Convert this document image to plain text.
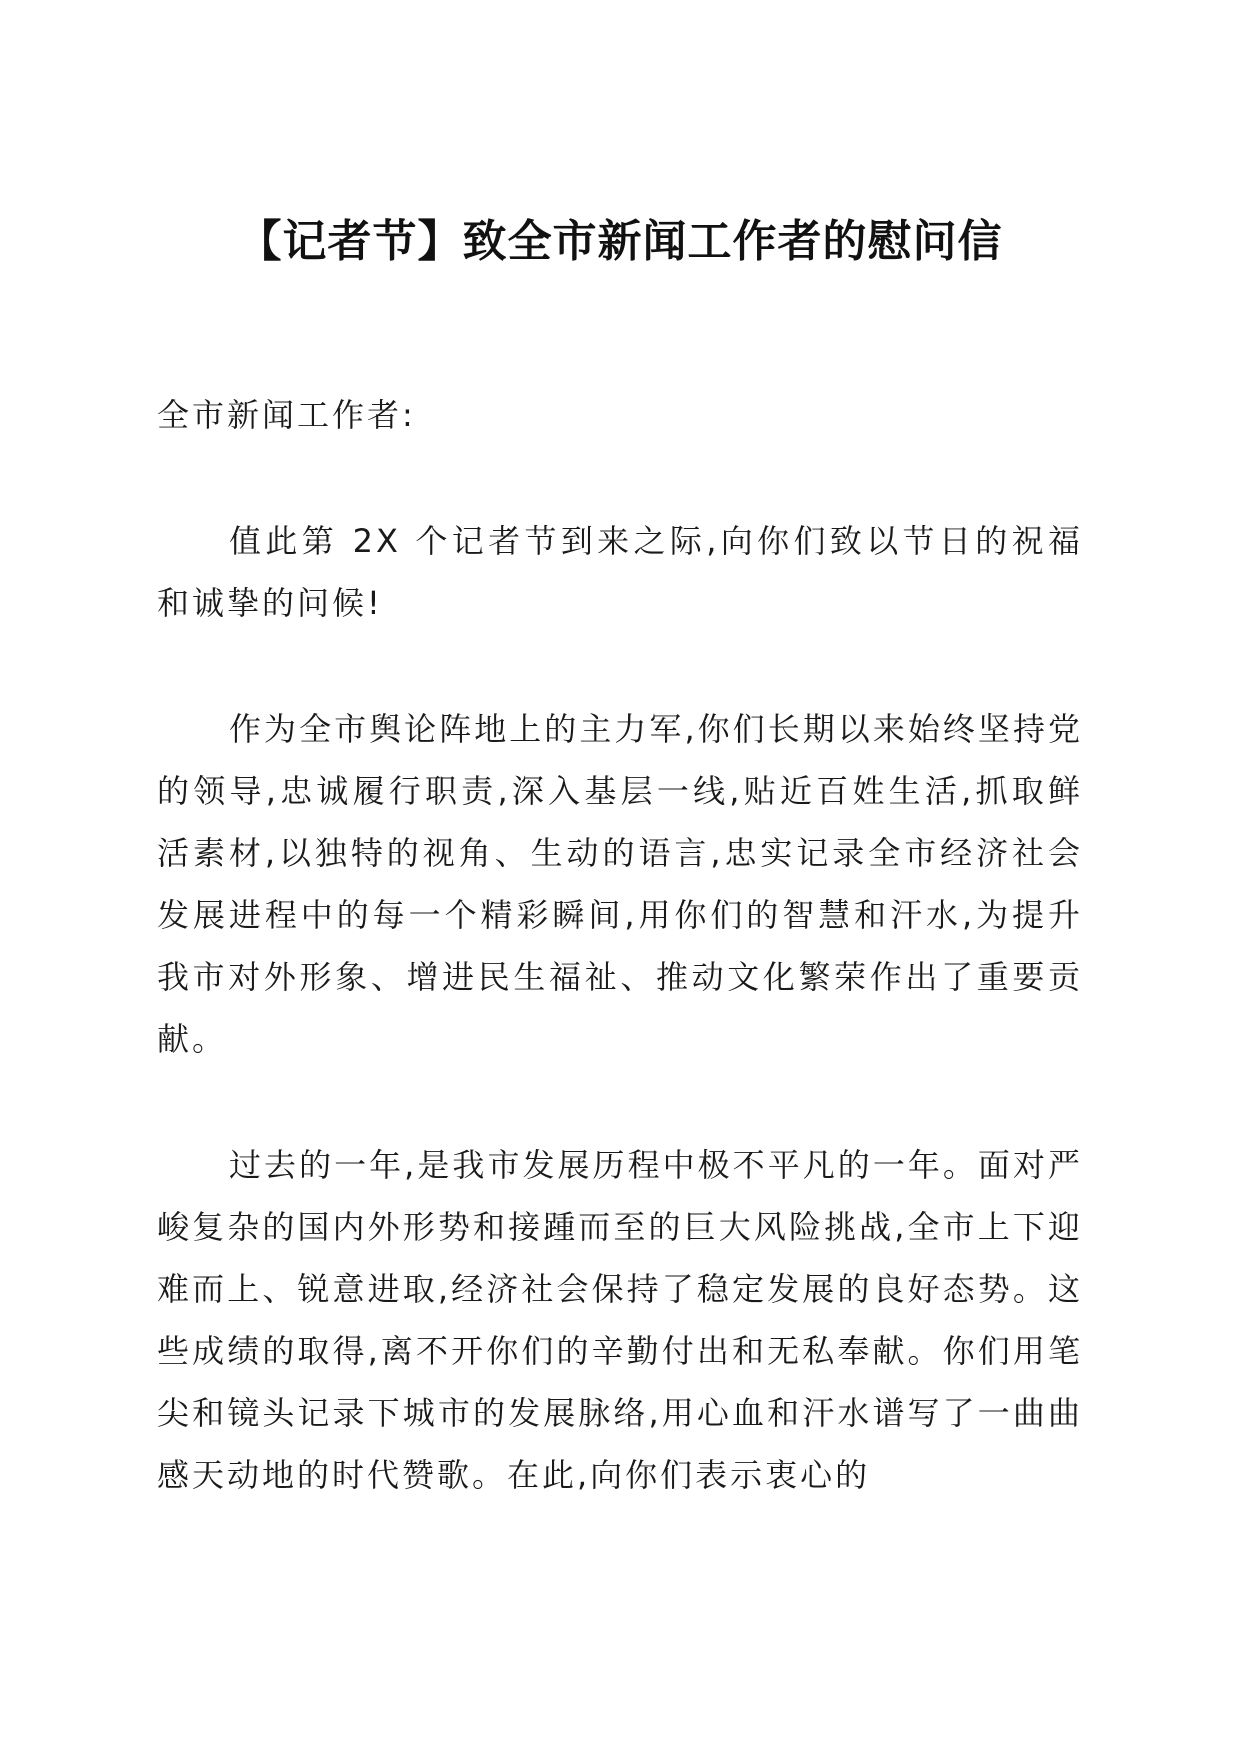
【记者节】致全市新闻工作者的慰问信

全市新闻工作者:

值此第 2X 个记者节到来之际,向你们致以节日的祝福和诚挚的问候!

作为全市舆论阵地上的主力军,你们长期以来始终坚持党的领导,忠诚履行职责,深入基层一线,贴近百姓生活,抓取鲜活素材,以独特的视角、生动的语言,忠实记录全市经济社会发展进程中的每一个精彩瞬间,用你们的智慧和汗水,为提升我市对外形象、增进民生福祉、推动文化繁荣作出了重要贡献。

过去的一年,是我市发展历程中极不平凡的一年。面对严峻复杂的国内外形势和接踵而至的巨大风险挑战,全市上下迎难而上、锐意进取,经济社会保持了稳定发展的良好态势。这些成绩的取得,离不开你们的辛勤付出和无私奉献。你们用笔尖和镜头记录下城市的发展脉络,用心血和汗水谱写了一曲曲感天动地的时代赞歌。在此,向你们表示衷心的
